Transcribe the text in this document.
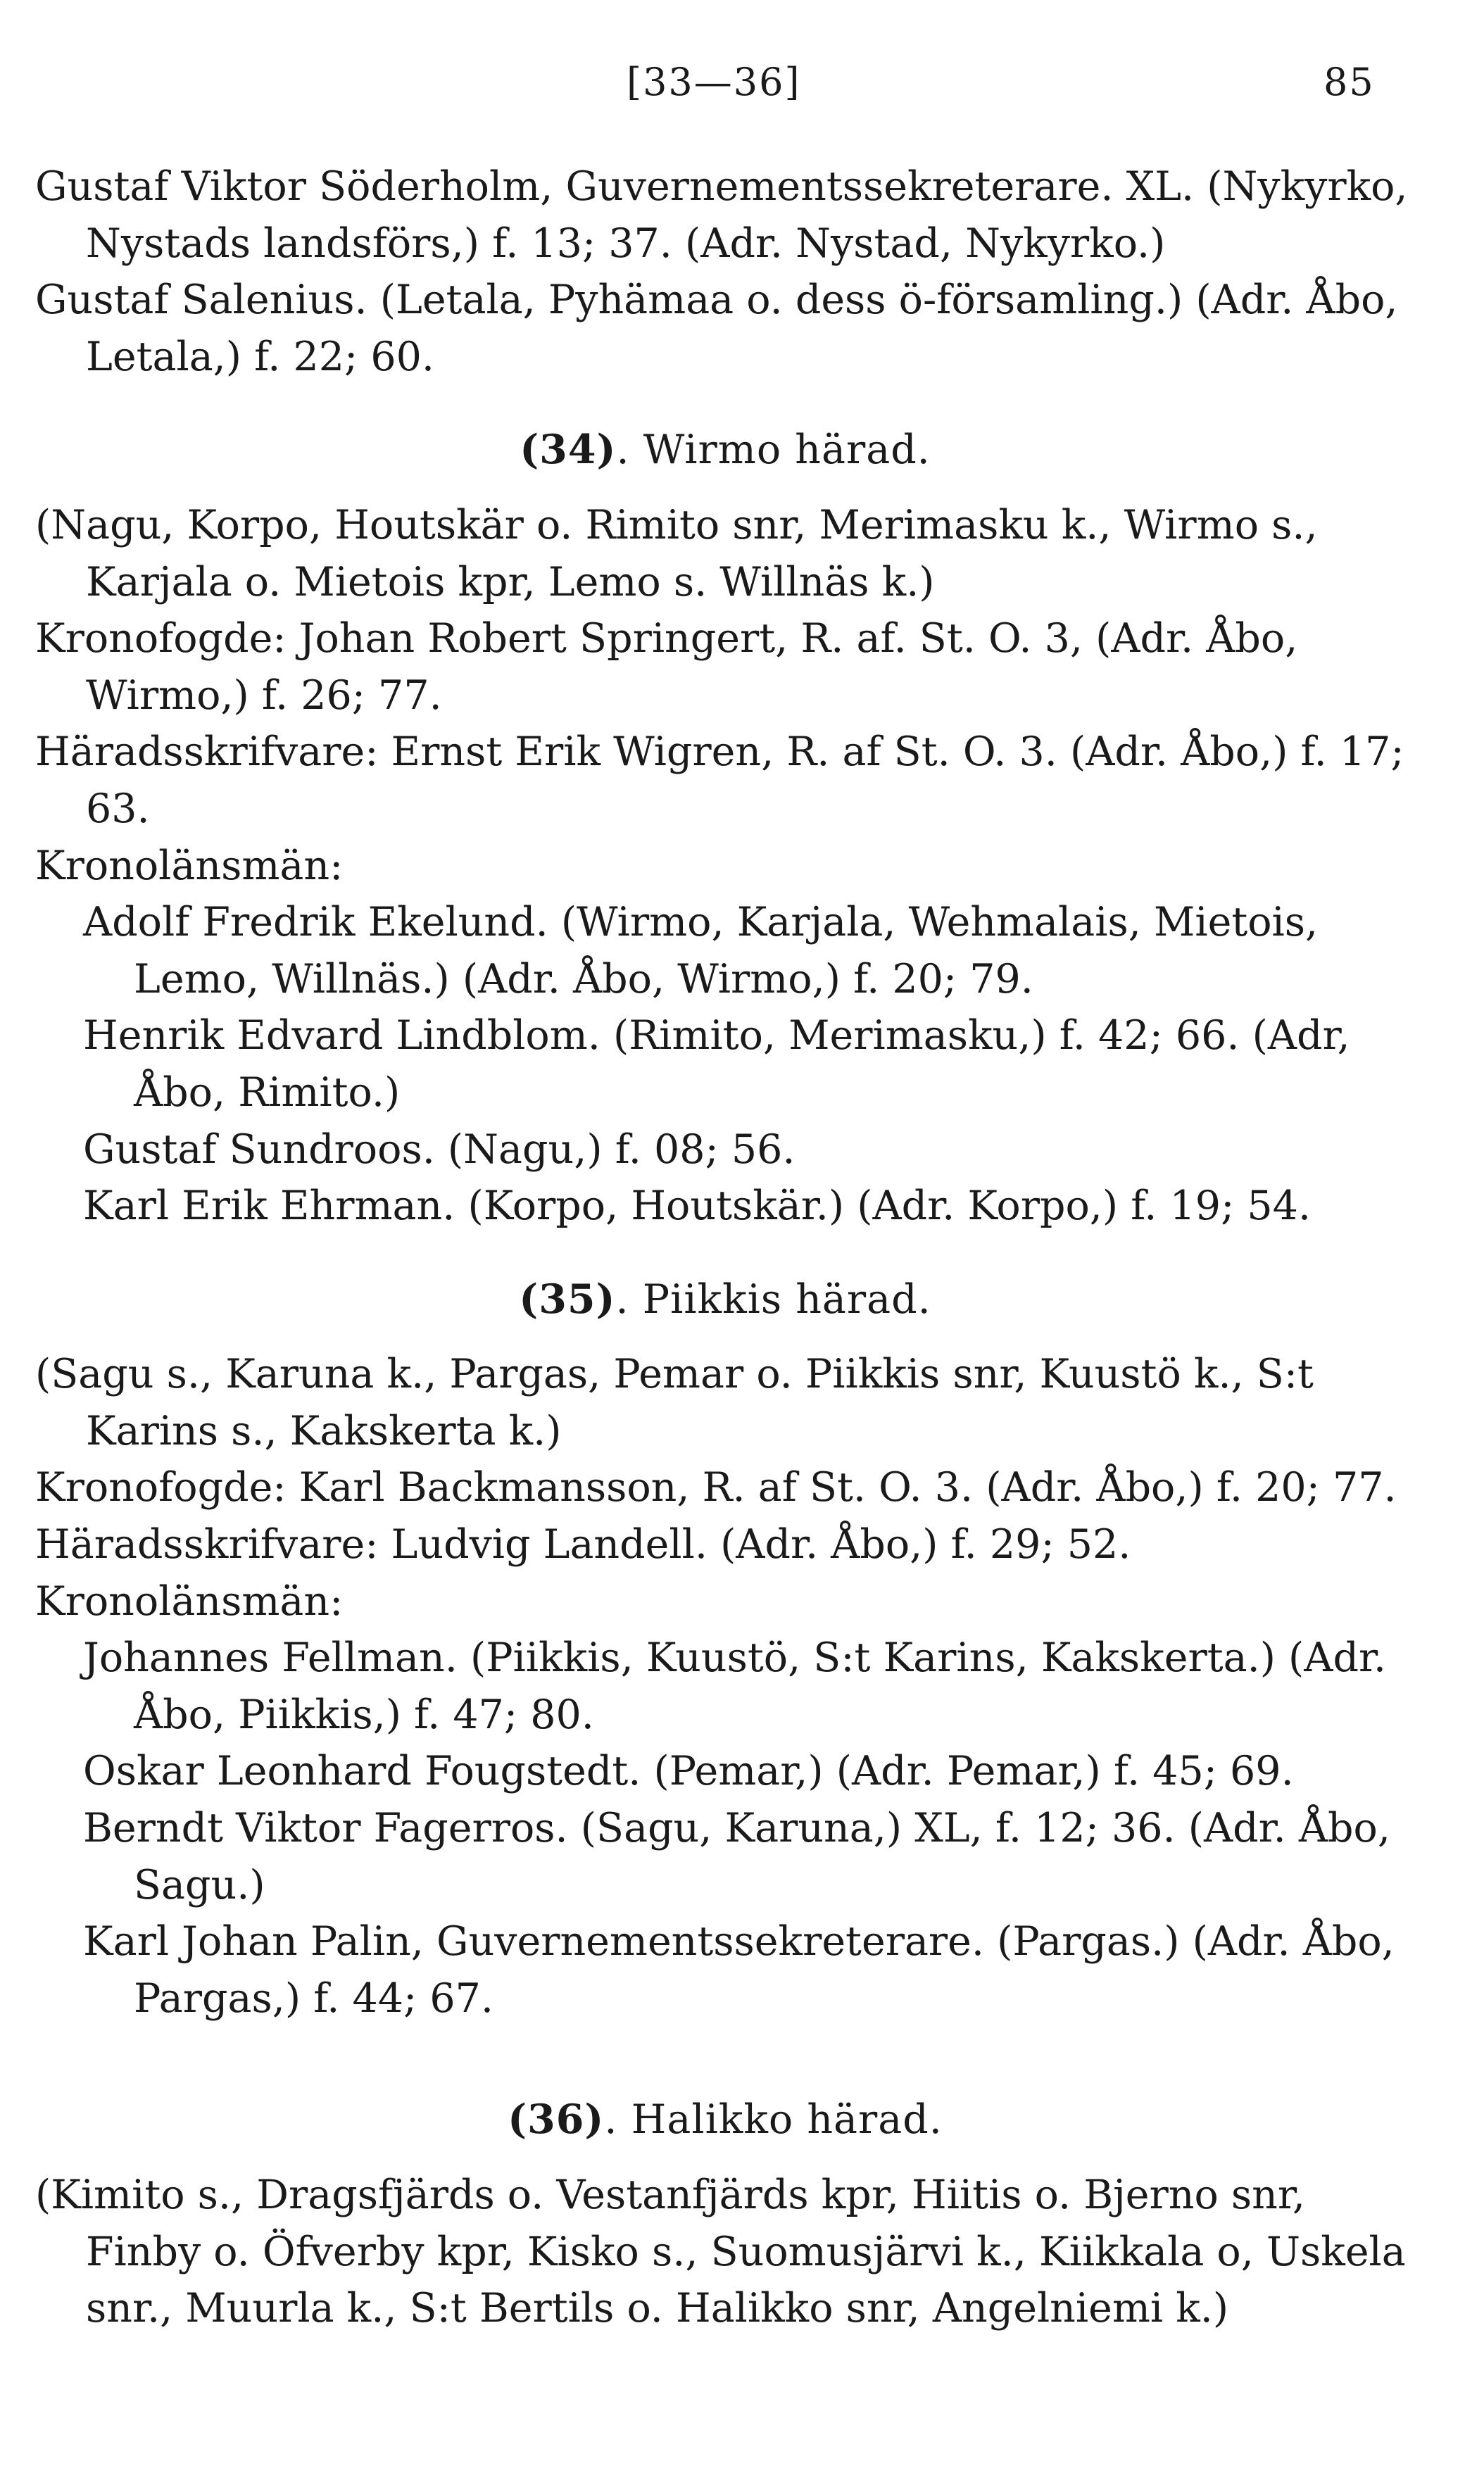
[33—36]	85

Gustaf Viktor Söderholm, Guvernementssekreterare. XL. (Nykyrko, Nystads landsförs,) f. 13; 37. (Adr. Nystad, Nykyrko.)

Gustaf Salenius. (Letala, Pyhämaa o. dess ö-församling.) (Adr. Åbo, Letala,) f. 22; 60.

(34). Wirmo härad.

(Nagu, Korpo, Houtskär o. Rimito snr, Merimasku k., Wirmo s., Karjala o. Mietois kpr, Lemo s. Willnäs k.)

Kronofogde: Johan Robert Springert, R. af. St. O. 3, (Adr. Åbo, Wirmo,) f. 26; 77.

Häradsskrifvare: Ernst Erik Wigren, R. af St. O. 3. (Adr. Åbo,) f. 17; 63.

Kronolänsmän:

Adolf Fredrik Ekelund. (Wirmo, Karjala, Wehmalais, Mietois, Lemo, Willnäs.) (Adr. Åbo, Wirmo,) f. 20; 79.

Henrik Edvard Lindblom. (Rimito, Merimasku,) f. 42; 66. (Adr, Åbo, Rimito.)

Gustaf Sundroos. (Nagu,) f. 08; 56.

Karl Erik Ehrman. (Korpo, Houtskär.) (Adr. Korpo,) f. 19; 54.

(35). Piikkis härad.

(Sagu s., Karuna k., Pargas, Pemar o. Piikkis snr, Kuustö k., S:t Karins s., Kakskerta k.)

Kronofogde: Karl Backmansson, R. af St. O. 3. (Adr. Åbo,) f. 20; 77.

Häradsskrifvare: Ludvig Landell. (Adr. Åbo,) f. 29; 52.

Kronolänsmän:

Johannes Fellman. (Piikkis, Kuustö, S:t Karins, Kakskerta.) (Adr. Åbo, Piikkis,) f. 47; 80.

Oskar Leonhard Fougstedt. (Pemar,) (Adr. Pemar,) f. 45; 69.

Berndt Viktor Fagerros. (Sagu, Karuna,) XL, f. 12; 36. (Adr. Åbo, Sagu.)

Karl Johan Palin, Guvernementssekreterare. (Pargas.) (Adr. Åbo, Pargas,) f. 44; 67.

(36). Halikko härad.

(Kimito s., Dragsfjärds o. Vestanfjärds kpr, Hiitis o. Bjerno snr, Finby o. Öfverby kpr, Kisko s., Suomusjärvi k., Kiikkala o, Uskela snr., Muurla k., S:t Bertils o. Halikko snr, Angelniemi k.)
